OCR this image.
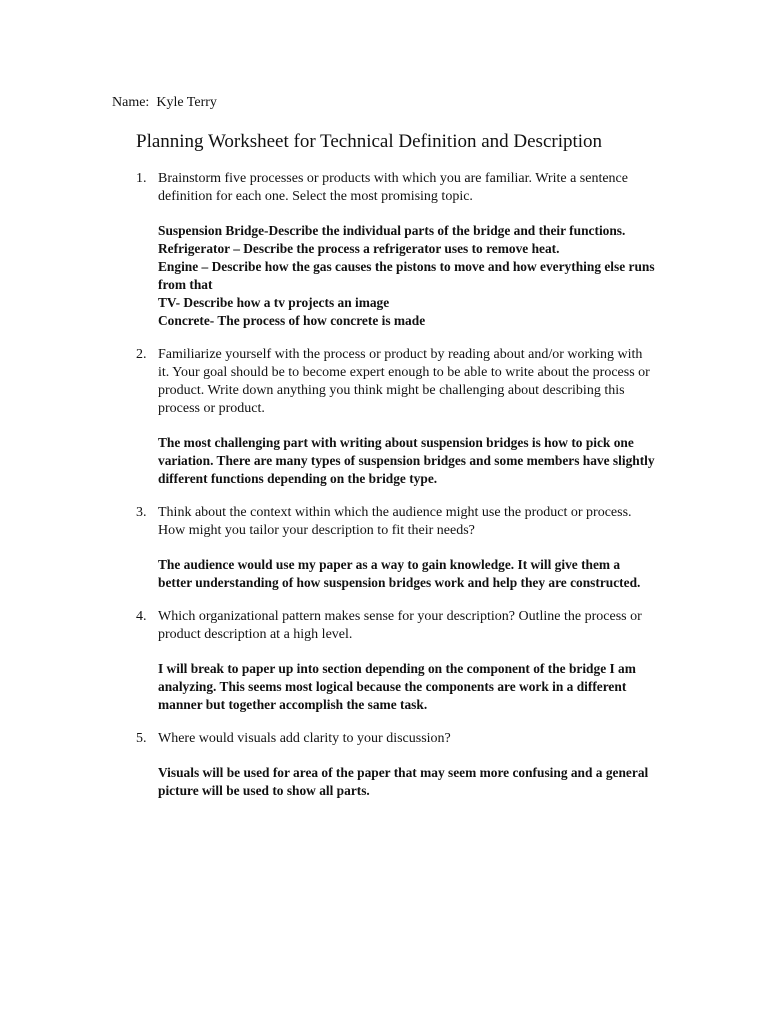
Name: Kyle Terry
Planning Worksheet for Technical Definition and Description
1. Brainstorm five processes or products with which you are familiar. Write a sentence definition for each one. Select the most promising topic.

Suspension Bridge-Describe the individual parts of the bridge and their functions.
Refrigerator – Describe the process a refrigerator uses to remove heat.
Engine – Describe how the gas causes the pistons to move and how everything else runs from that
TV- Describe how a tv projects an image
Concrete- The process of how concrete is made

2. Familiarize yourself with the process or product by reading about and/or working with it. Your goal should be to become expert enough to be able to write about the process or product. Write down anything you think might be challenging about describing this process or product.

The most challenging part with writing about suspension bridges is how to pick one variation. There are many types of suspension bridges and some members have slightly different functions depending on the bridge type.

3. Think about the context within which the audience might use the product or process. How might you tailor your description to fit their needs?

The audience would use my paper as a way to gain knowledge. It will give them a better understanding of how suspension bridges work and help they are constructed.

4. Which organizational pattern makes sense for your description? Outline the process or product description at a high level.

I will break to paper up into section depending on the component of the bridge I am analyzing. This seems most logical because the components are work in a different manner but together accomplish the same task.

5. Where would visuals add clarity to your discussion?

Visuals will be used for area of the paper that may seem more confusing and a general picture will be used to show all parts.
